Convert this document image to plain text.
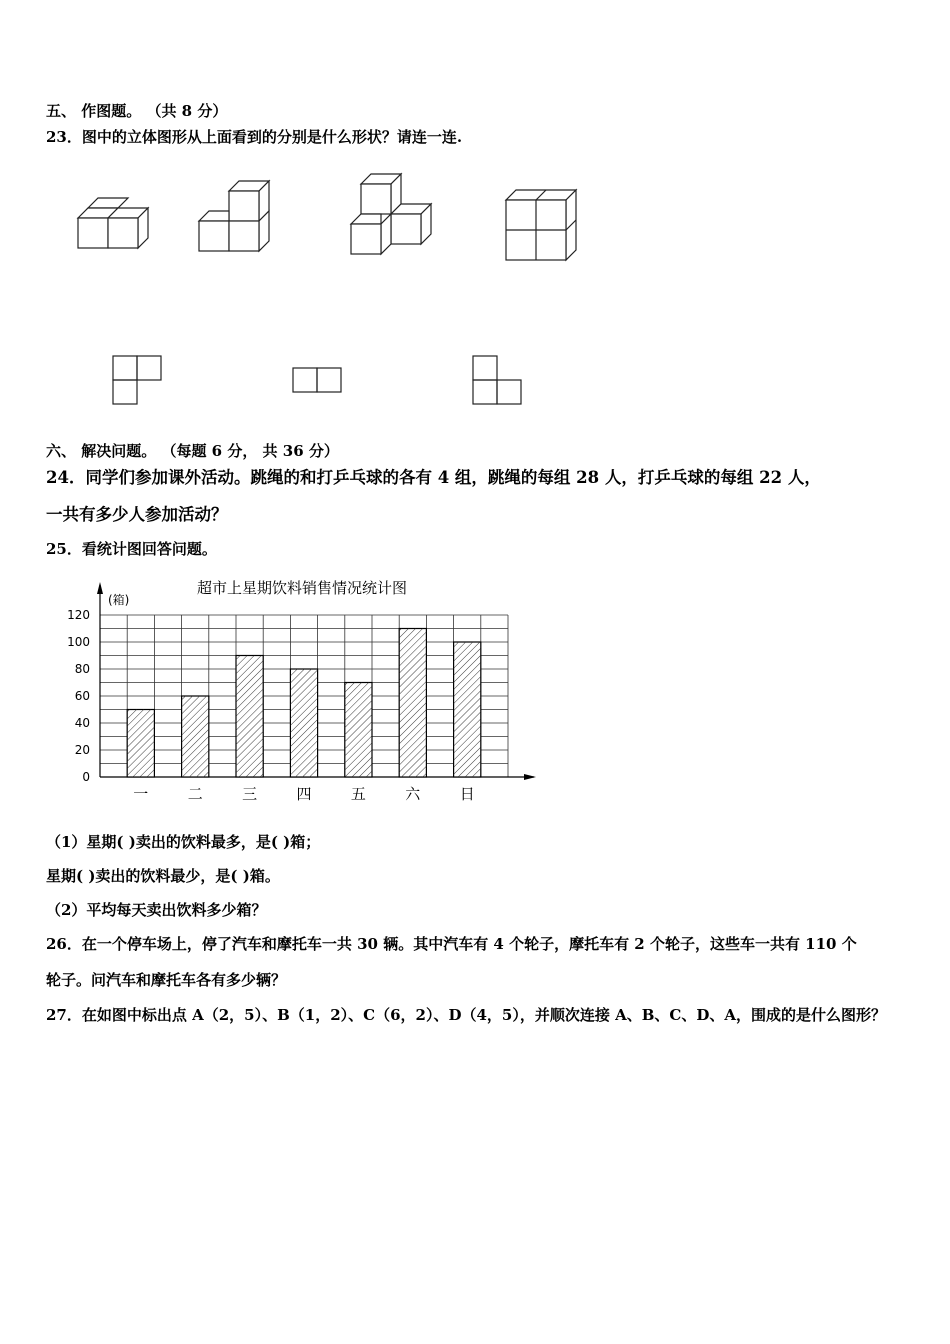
五、 作图题。 （共 8 分）
23．图中的立体图形从上面看到的分别是什么形状？请连一连.
六、 解决问题。 （每题 6 分， 共 36 分）
24．同学们参加课外活动。跳绳的和打乒乓球的各有 4 组，跳绳的每组 28 人，打乒乓球的每组 22 人，
一共有多少人参加活动？
25．看统计图回答问题。
超市上星期饮料销售情况统计图
(箱)
0
20
40
60
80
100
120
一	二	三	四	五	六	日
（1）星期( )卖出的饮料最多，是( )箱；
星期( )卖出的饮料最少，是( )箱。
（2）平均每天卖出饮料多少箱？
26．在一个停车场上，停了汽车和摩托车一共 30 辆。其中汽车有 4 个轮子，摩托车有 2 个轮子，这些车一共有 110 个
轮子。问汽车和摩托车各有多少辆？
27．在如图中标出点 A（2，5）、B（1，2）、C（6，2）、D（4，5），并顺次连接 A、B、C、D、A，围成的是什么图形？
